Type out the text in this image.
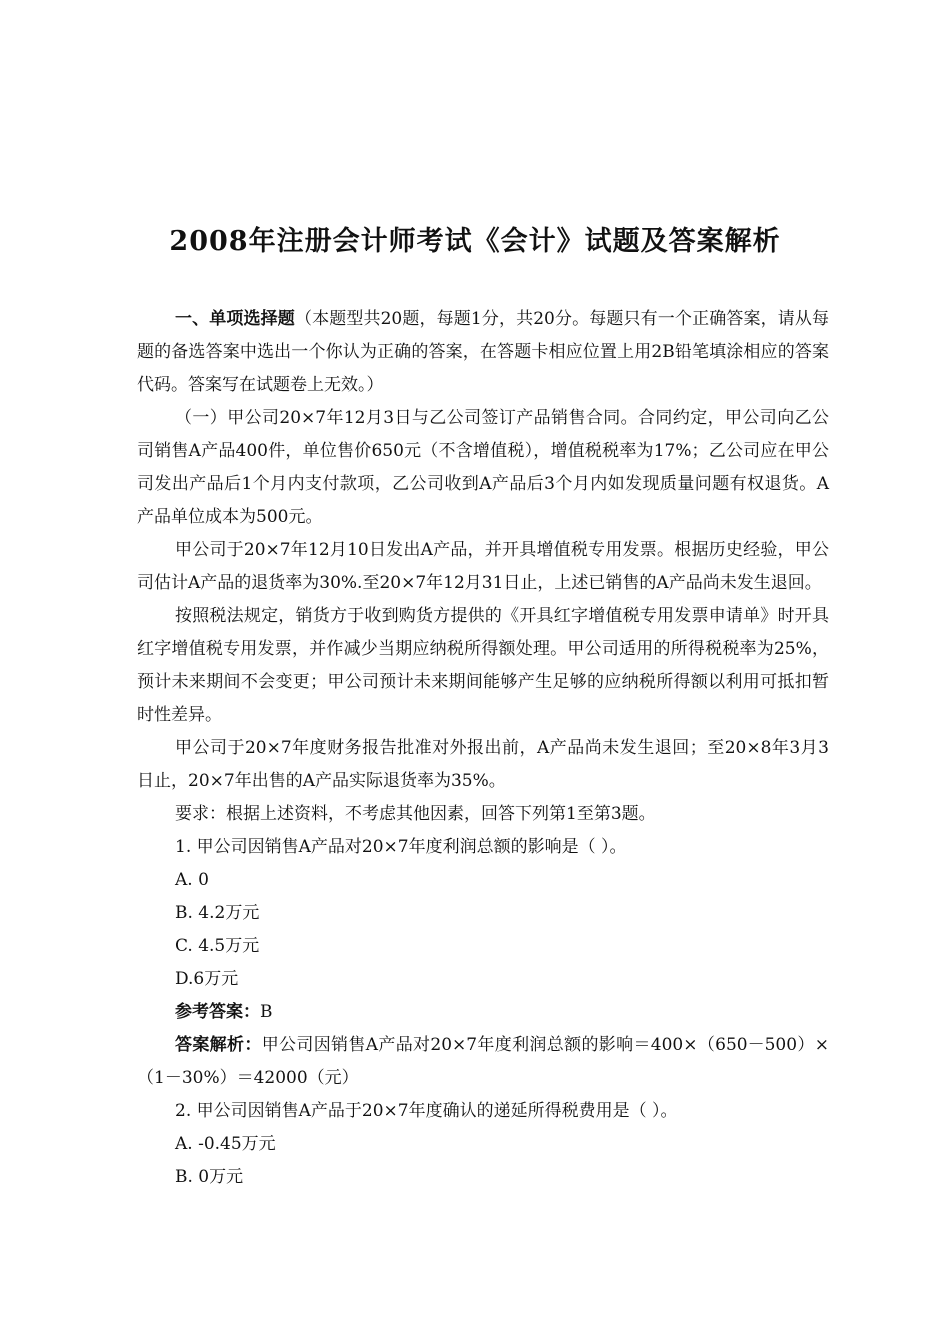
2008年注册会计师考试《会计》试题及答案解析

一、单项选择题（本题型共20题，每题1分，共20分。每题只有一个正确答案，请从每题的备选答案中选出一个你认为正确的答案，在答题卡相应位置上用2B铅笔填涂相应的答案代码。答案写在试题卷上无效。）

（一）甲公司20×7年12月3日与乙公司签订产品销售合同。合同约定，甲公司向乙公司销售A产品400件，单位售价650元（不含增值税），增值税税率为17%；乙公司应在甲公司发出产品后1个月内支付款项，乙公司收到A产品后3个月内如发现质量问题有权退货。A产品单位成本为500元。

甲公司于20×7年12月10日发出A产品，并开具增值税专用发票。根据历史经验，甲公司估计A产品的退货率为30%.至20×7年12月31日止，上述已销售的A产品尚未发生退回。

按照税法规定，销货方于收到购货方提供的《开具红字增值税专用发票申请单》时开具红字增值税专用发票，并作减少当期应纳税所得额处理。甲公司适用的所得税税率为25%，预计未来期间不会变更；甲公司预计未来期间能够产生足够的应纳税所得额以利用可抵扣暂时性差异。

甲公司于20×7年度财务报告批准对外报出前，A产品尚未发生退回；至20×8年3月3日止，20×7年出售的A产品实际退货率为35%。

要求：根据上述资料，不考虑其他因素，回答下列第1至第3题。

1. 甲公司因销售A产品对20×7年度利润总额的影响是（ ）。

A. 0

B. 4.2万元

C. 4.5万元

D.6万元

参考答案：B

答案解析：甲公司因销售A产品对20×7年度利润总额的影响＝400×（650－500）×（1－30%）＝42000（元）

2. 甲公司因销售A产品于20×7年度确认的递延所得税费用是（ ）。

A. -0.45万元

B. 0万元
